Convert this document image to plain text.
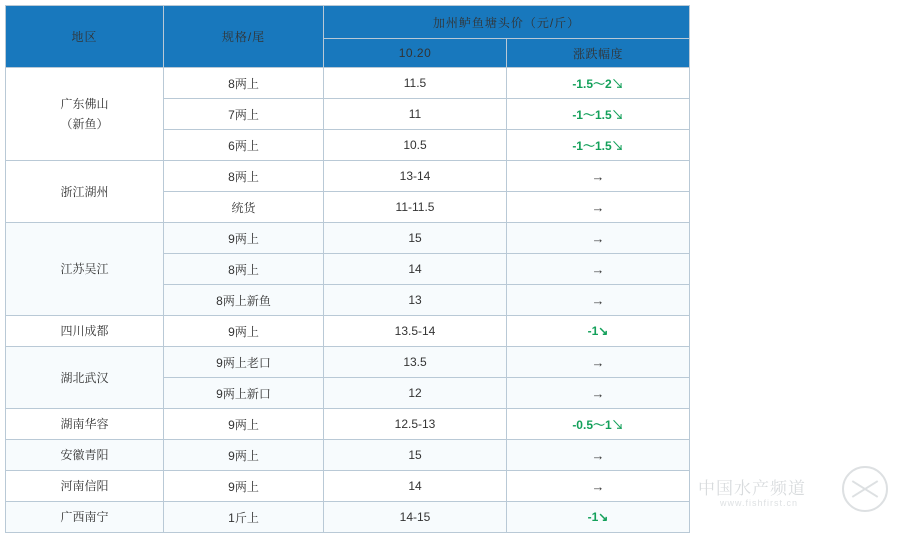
地区	规格/尾	加州鲈鱼塘头价（元/斤）	
		10.20	涨跌幅度
广东佛山
（新鱼）	8两上	11.5	-1.5～2↘
	7两上	11	-1～1.5↘
	6两上	10.5	-1～1.5↘
浙江湖州	8两上	13-14	→
	统货	11-11.5	→
江苏吴江	9两上	15	→
	8两上	14	→
	8两上新鱼	13	→
四川成都	9两上	13.5-14	-1↘
湖北武汉	9两上老口	13.5	→
	9两上新口	12	→
湖南华容	9两上	12.5-13	-0.5～1↘
安徽青阳	9两上	15	→
河南信阳	9两上	14	→
广西南宁	1斤上	14-15	-1↘
中国水产频道
www.fishfirst.cn
